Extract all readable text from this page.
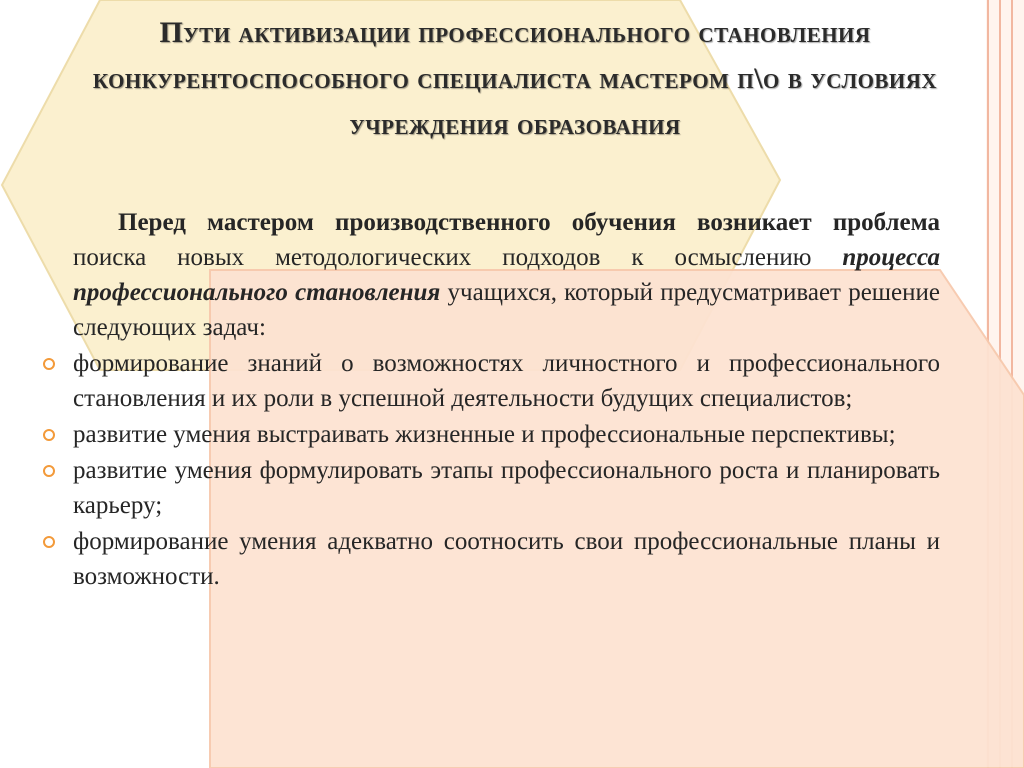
Пути активизации профессионального становления конкурентоспособного специалиста мастером п\о в условиях учреждения образования

Перед мастером производственного обучения возникает проблема поиска новых методологических подходов к осмыслению процесса профессионального становления учащихся, который предусматривает решение следующих задач:

формирование знаний о возможностях личностного и профессионального становления и их роли в успешной деятельности будущих специалистов;
развитие умения выстраивать жизненные и профессиональные перспективы;
развитие умения формулировать этапы профессионального роста и планировать карьеру;
формирование умения адекватно соотносить свои профессиональные планы и возможности.
